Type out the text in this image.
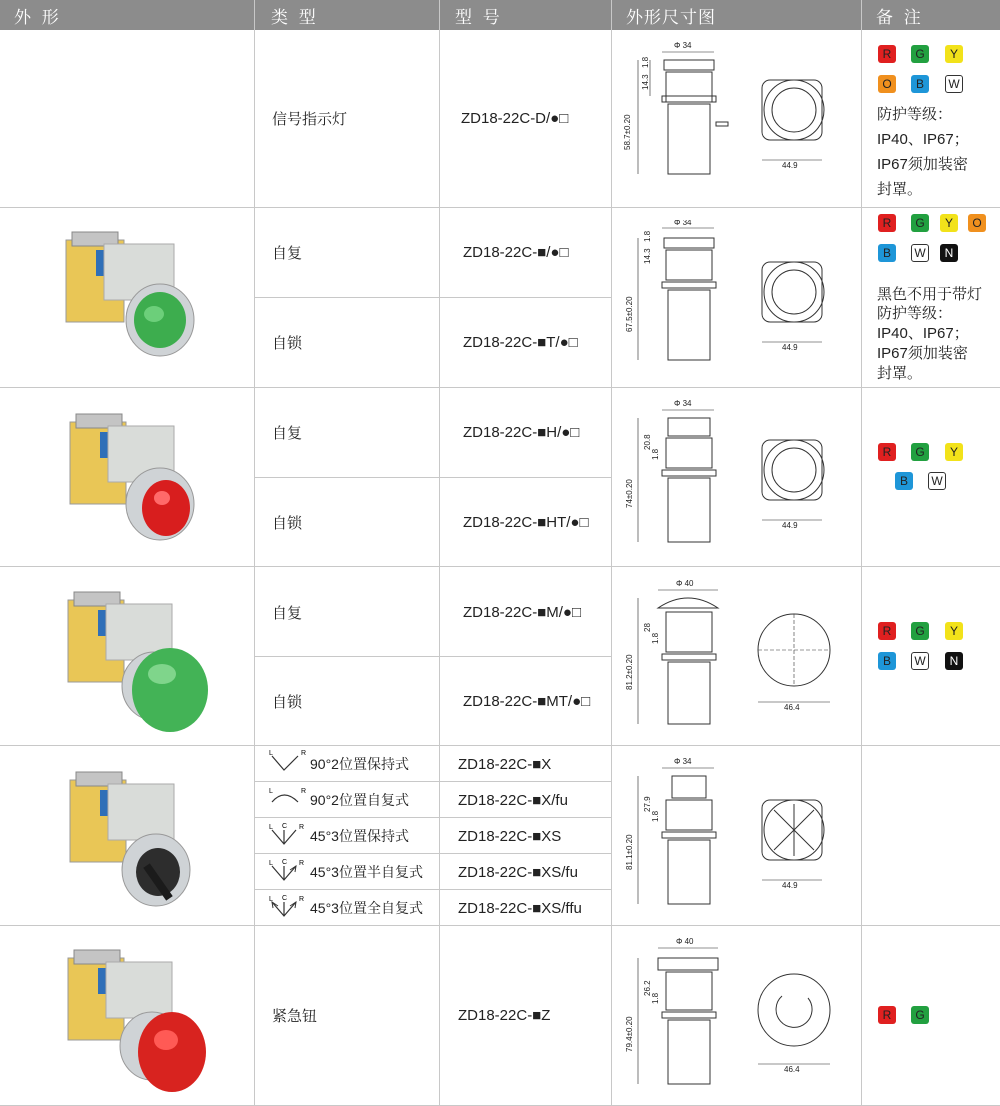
外 形	类 型	型 号	外形尺寸图	备 注
信号指示灯	ZD18-22C-D/●□
自复	ZD18-22C-■/●□
自锁	ZD18-22C-■T/●□
自复	ZD18-22C-■H/●□
自锁	ZD18-22C-■HT/●□
自复	ZD18-22C-■M/●□
自锁	ZD18-22C-■MT/●□
L	R
90°2位置保持式	ZD18-22C-■X
L	R
90°2位置自复式	ZD18-22C-■X/fu
L C R
45°3位置保持式	ZD18-22C-■XS
L C R
45°3位置半自复式 ZD18-22C-■XS/fu
L C R
45°3位置全自复式 ZD18-22C-■XS/ffu
紧急钮	ZD18-22C-■Z
Φ 34
58.7±0.20
14.3
1.8
44.9
Φ 34
67.5±0.20
14.3
1.8
44.9
Φ 34
74±0.20
20.8
1.8
44.9
Φ 40
81.2±0.20
28
1.8
46.4
Φ 34
81.1±0.20
27.9
1.8
44.9
Φ 40
79.4±0.20
26.2
1.8
46.4
R	G	Y
O	B	W
防护等级：
IP40、IP67；
IP67须加装密
封罩。
R	G	Y	O
B	W	N
黑色不用于带灯
防护等级：
IP40、IP67；
IP67须加装密
封罩。
R	G	Y
B	W
R	G	Y
B	W	N
R	G
